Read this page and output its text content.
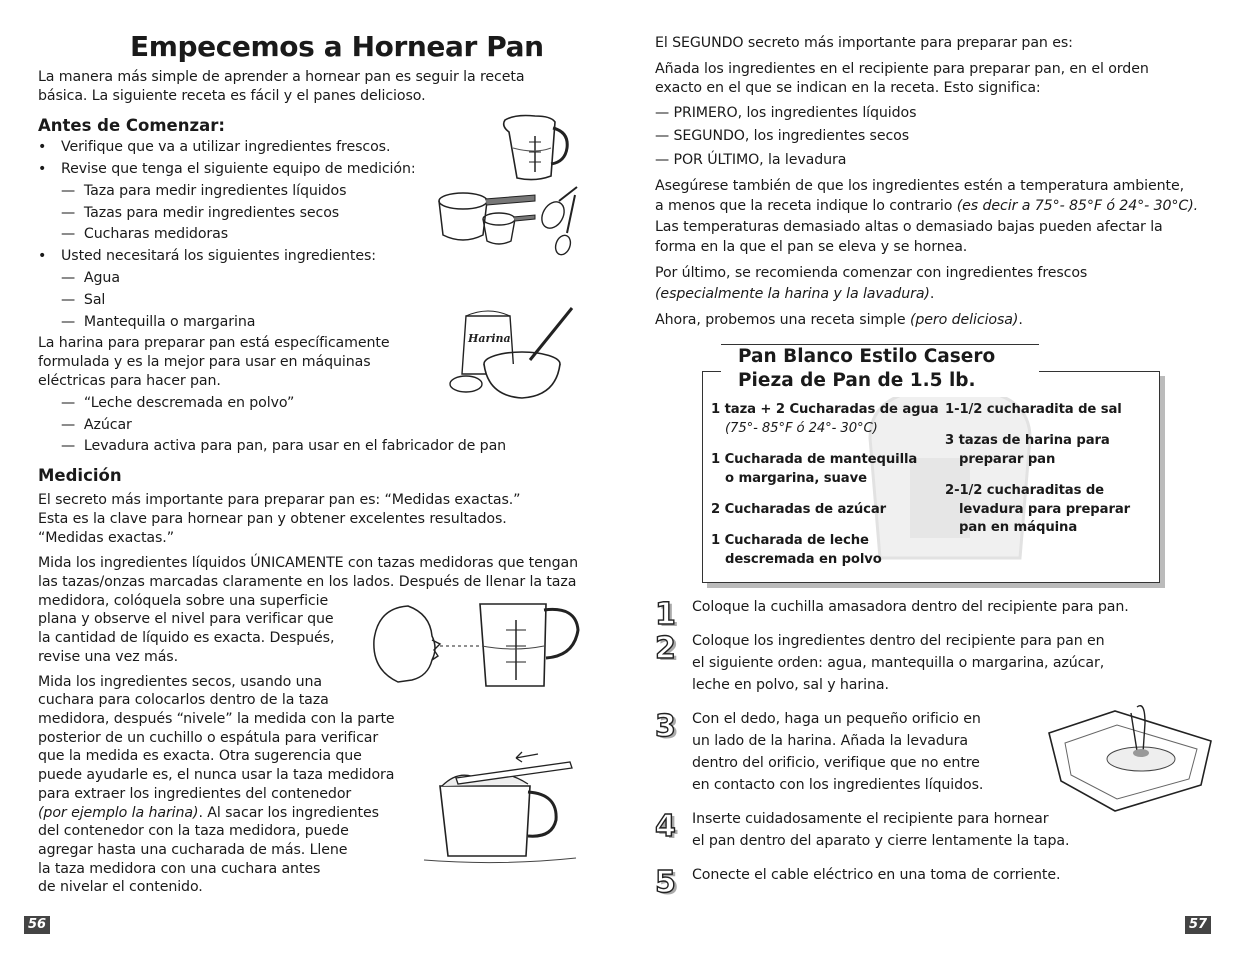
Empecemos a Hornear Pan
La manera más simple de aprender a hornear pan es seguir la receta
básica. La siguiente receta es fácil y el panes delicioso.
Antes de Comenzar:
• Verifique que va a utilizar ingredientes frescos.
• Revise que tenga el siguiente equipo de medición:
—  Taza para medir ingredientes líquidos
—  Tazas para medir ingredientes secos
—  Cucharas medidoras
• Usted necesitará los siguientes ingredientes:
—  Agua
—  Sal
—  Mantequilla o margarina
La harina para preparar pan está específicamente
formulada y es la mejor para usar en máquinas
eléctricas para hacer pan.
—  “Leche descremada en polvo”
—  Azúcar
—  Levadura activa para pan, para usar en el fabricador de pan
Medición
El secreto más importante para preparar pan es: “Medidas exactas.”
Esta es la clave para hornear pan y obtener excelentes resultados.
“Medidas exactas.”
Mida los ingredientes líquidos ÚNICAMENTE con tazas medidoras que tengan
las tazas/onzas marcadas claramente en los lados. Después de llenar la taza
medidora, colóquela sobre una superficie
plana y observe el nivel para verificar que
la cantidad de líquido es exacta. Después,
revise una vez más.
Mida los ingredientes secos, usando una
cuchara para colocarlos dentro de la taza
medidora, después “nivele” la medida con la parte
posterior de un cuchillo o espátula para verificar
que la medida es exacta. Otra sugerencia que
puede ayudarle es, el nunca usar la taza medidora
para extraer los ingredientes del contenedor
(por ejemplo la harina). Al sacar los ingredientes
del contenedor con la taza medidora, puede
agregar hasta una cucharada de más. Llene
la taza medidora con una cuchara antes
de nivelar el contenido.
56
Harina
El SEGUNDO secreto más importante para preparar pan es:
Añada los ingredientes en el recipiente para preparar pan, en el orden
exacto en el que se indican en la receta. Esto significa:
— PRIMERO, los ingredientes líquidos
— SEGUNDO, los ingredientes secos
— POR ÚLTIMO, la levadura
Asegúrese también de que los ingredientes estén a temperatura ambiente,
a menos que la receta indique lo contrario (es decir a 75°- 85°F ó 24°- 30°C).
Las temperaturas demasiado altas o demasiado bajas pueden afectar la
forma en la que el pan se eleva y se hornea.
Por último, se recomienda comenzar con ingredientes frescos
(especialmente la harina y la lavadura).
Ahora, probemos una receta simple (pero deliciosa).
Pan Blanco Estilo Casero
Pieza de Pan de 1.5 lb.
1 taza + 2 Cucharadas de agua
(75°- 85°F ó 24°- 30°C)
1 Cucharada de mantequilla
o margarina, suave
2 Cucharadas de azúcar
1 Cucharada de leche
descremada en polvo
1-1/2 cucharadita de sal
3 tazas de harina para
preparar pan
2-1/2 cucharaditas de
levadura para preparar
pan en máquina
1 Coloque la cuchilla amasadora dentro del recipiente para pan.
2 Coloque los ingredientes dentro del recipiente para pan en
el siguiente orden: agua, mantequilla o margarina, azúcar,
leche en polvo, sal y harina.
3 Con el dedo, haga un pequeño orificio en
un lado de la harina. Añada la levadura
dentro del orificio, verifique que no entre
en contacto con los ingredientes líquidos.
4 Inserte cuidadosamente el recipiente para hornear
el pan dentro del aparato y cierre lentamente la tapa.
5 Conecte el cable eléctrico en una toma de corriente.
57
